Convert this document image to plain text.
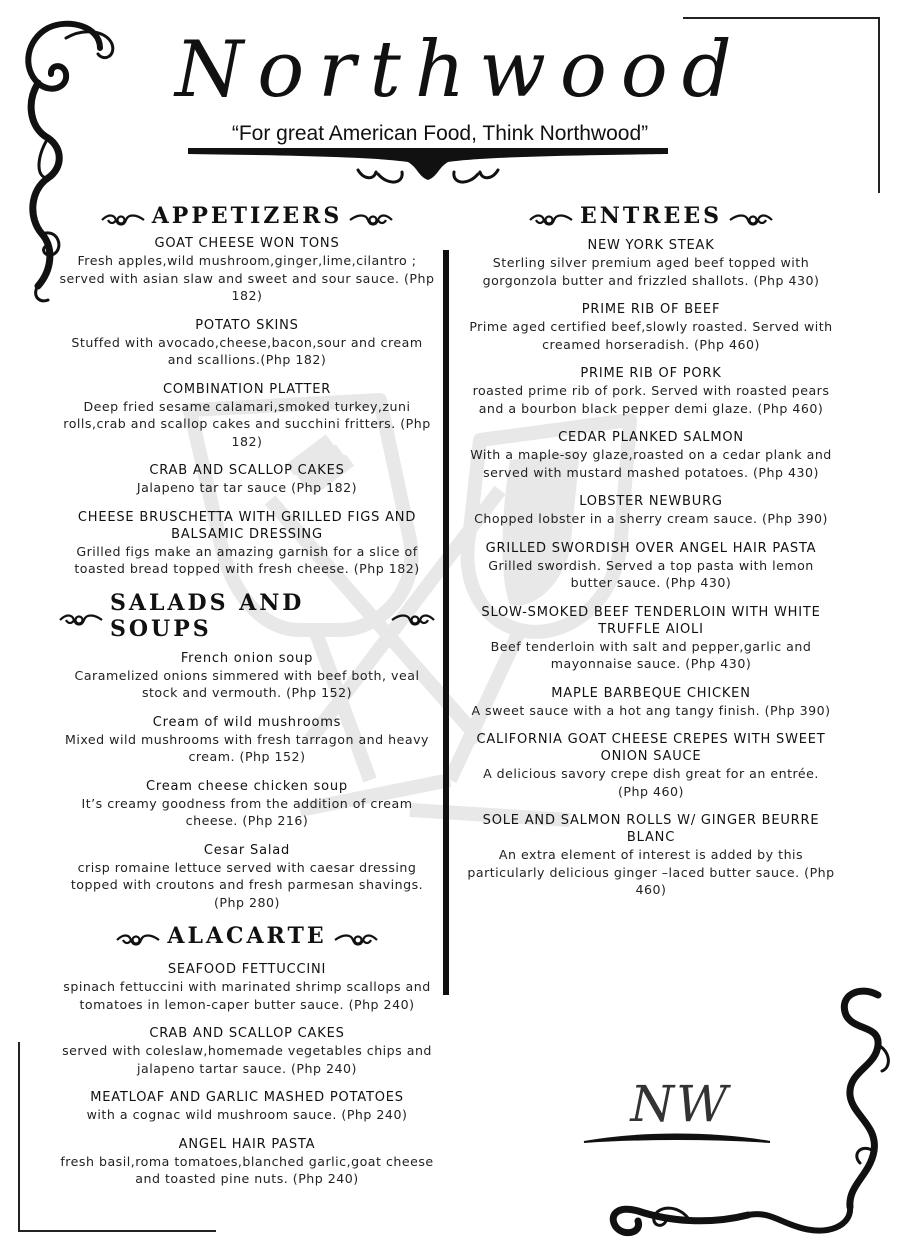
Northwood
“For great American Food, Think Northwood”
APPETIZERS
GOAT CHEESE WON TONS
Fresh apples,wild mushroom,ginger,lime,cilantro ; served with asian slaw and sweet and sour sauce. (Php 182)
POTATO SKINS
Stuffed with avocado,cheese,bacon,sour and cream and scallions.(Php 182)
COMBINATION PLATTER
Deep fried sesame calamari,smoked turkey,zuni rolls,crab and scallop cakes and succhini fritters. (Php 182)
CRAB AND SCALLOP CAKES
Jalapeno tar tar sauce (Php 182)
CHEESE BRUSCHETTA WITH GRILLED FIGS AND BALSAMIC DRESSING
Grilled figs make an amazing garnish for a slice of toasted bread topped with fresh cheese. (Php 182)
SALADS AND SOUPS
French onion soup
Caramelized onions simmered with beef both, veal stock and vermouth. (Php 152)
Cream of wild mushrooms
Mixed wild mushrooms with fresh tarragon and heavy cream. (Php 152)
Cream cheese chicken soup
It’s creamy goodness from the addition of cream cheese. (Php 216)
Cesar Salad
crisp romaine lettuce served with caesar dressing topped with croutons and fresh parmesan shavings. (Php 280)
ALACARTE
SEAFOOD FETTUCCINI
spinach fettuccini with marinated shrimp scallops and tomatoes in lemon-caper butter sauce. (Php 240)
CRAB AND SCALLOP CAKES
served with coleslaw,homemade vegetables chips and jalapeno tartar sauce. (Php 240)
MEATLOAF AND GARLIC MASHED POTATOES
with a cognac wild mushroom sauce. (Php 240)
ANGEL HAIR PASTA
fresh basil,roma tomatoes,blanched garlic,goat cheese and toasted pine nuts. (Php 240)
ENTREES
NEW YORK STEAK
Sterling silver premium aged beef topped with gorgonzola butter and frizzled shallots. (Php 430)
PRIME RIB OF BEEF
Prime aged certified beef,slowly roasted. Served with creamed horseradish. (Php 460)
PRIME RIB OF PORK
roasted prime rib of pork. Served with roasted pears and a bourbon black pepper demi glaze. (Php 460)
CEDAR PLANKED SALMON
With a maple-soy glaze,roasted on a cedar plank and served with mustard mashed potatoes. (Php 430)
LOBSTER NEWBURG
Chopped lobster in a sherry cream sauce. (Php 390)
GRILLED SWORDISH OVER ANGEL HAIR PASTA
Grilled swordish. Served a top pasta with lemon butter sauce. (Php 430)
SLOW-SMOKED BEEF TENDERLOIN WITH WHITE TRUFFLE AIOLI
Beef tenderloin with salt and pepper,garlic and mayonnaise sauce. (Php 430)
MAPLE BARBEQUE CHICKEN
A sweet sauce with a hot ang tangy finish. (Php 390)
CALIFORNIA GOAT CHEESE CREPES WITH SWEET ONION SAUCE
A delicious savory crepe dish great for an entrée. (Php 460)
SOLE AND SALMON ROLLS W/ GINGER BEURRE BLANC
An extra element of interest is added by this particularly delicious ginger –laced butter sauce. (Php 460)
NW
